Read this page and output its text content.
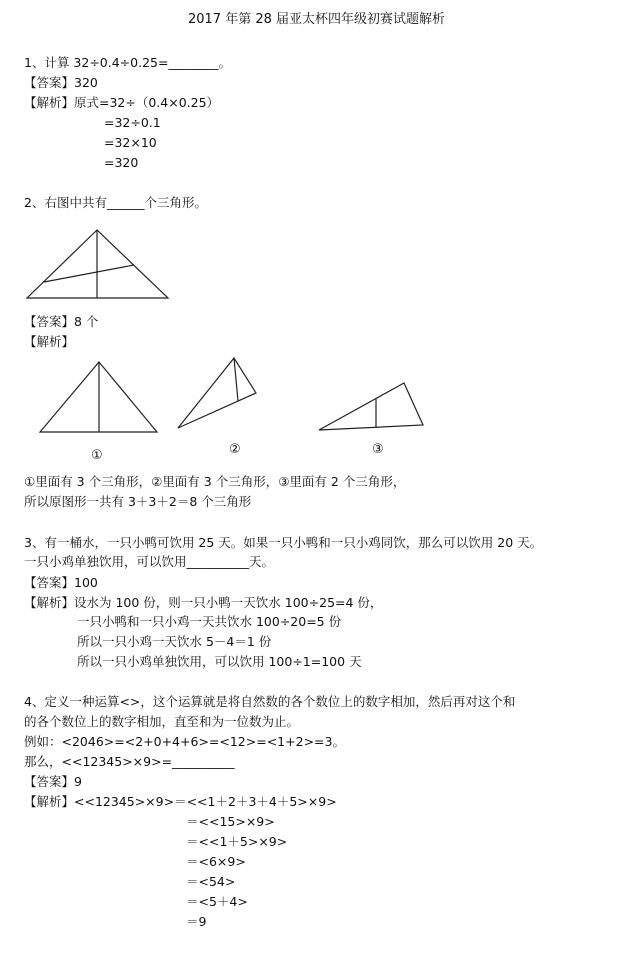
2017 年第 28 届亚太杯四年级初赛试题解析
1、计算 32÷0.4÷0.25=________。
【答案】320
【解析】原式=32÷（0.4×0.25）
=32÷0.1
=32×10
=320
2、右图中共有______个三角形。
【答案】8 个
【解析】
①	②	③
①里面有 3 个三角形，②里面有 3 个三角形，③里面有 2 个三角形，
所以原图形一共有 3＋3＋2＝8 个三角形
3、有一桶水，一只小鸭可饮用 25 天。如果一只小鸭和一只小鸡同饮，那么可以饮用 20 天。
一只小鸡单独饮用，可以饮用__________天。
【答案】100
【解析】设水为 100 份，则一只小鸭一天饮水 100÷25=4 份，
一只小鸭和一只小鸡一天共饮水 100÷20=5 份
所以一只小鸡一天饮水 5－4＝1 份
所以一只小鸡单独饮用，可以饮用 100÷1=100 天
4、定义一种运算<>，这个运算就是将自然数的各个数位上的数字相加，然后再对这个和
的各个数位上的数字相加，直至和为一位数为止。
例如：<2046>=<2+0+4+6>=<12>=<1+2>=3。
那么，<<12345>×9>=__________
【答案】9
【解析】<<12345>×9>＝<<1＋2＋3＋4＋5>×9>
＝<<15>×9>
＝<<1＋5>×9>
＝<6×9>
＝<54>
＝<5＋4>
＝9
